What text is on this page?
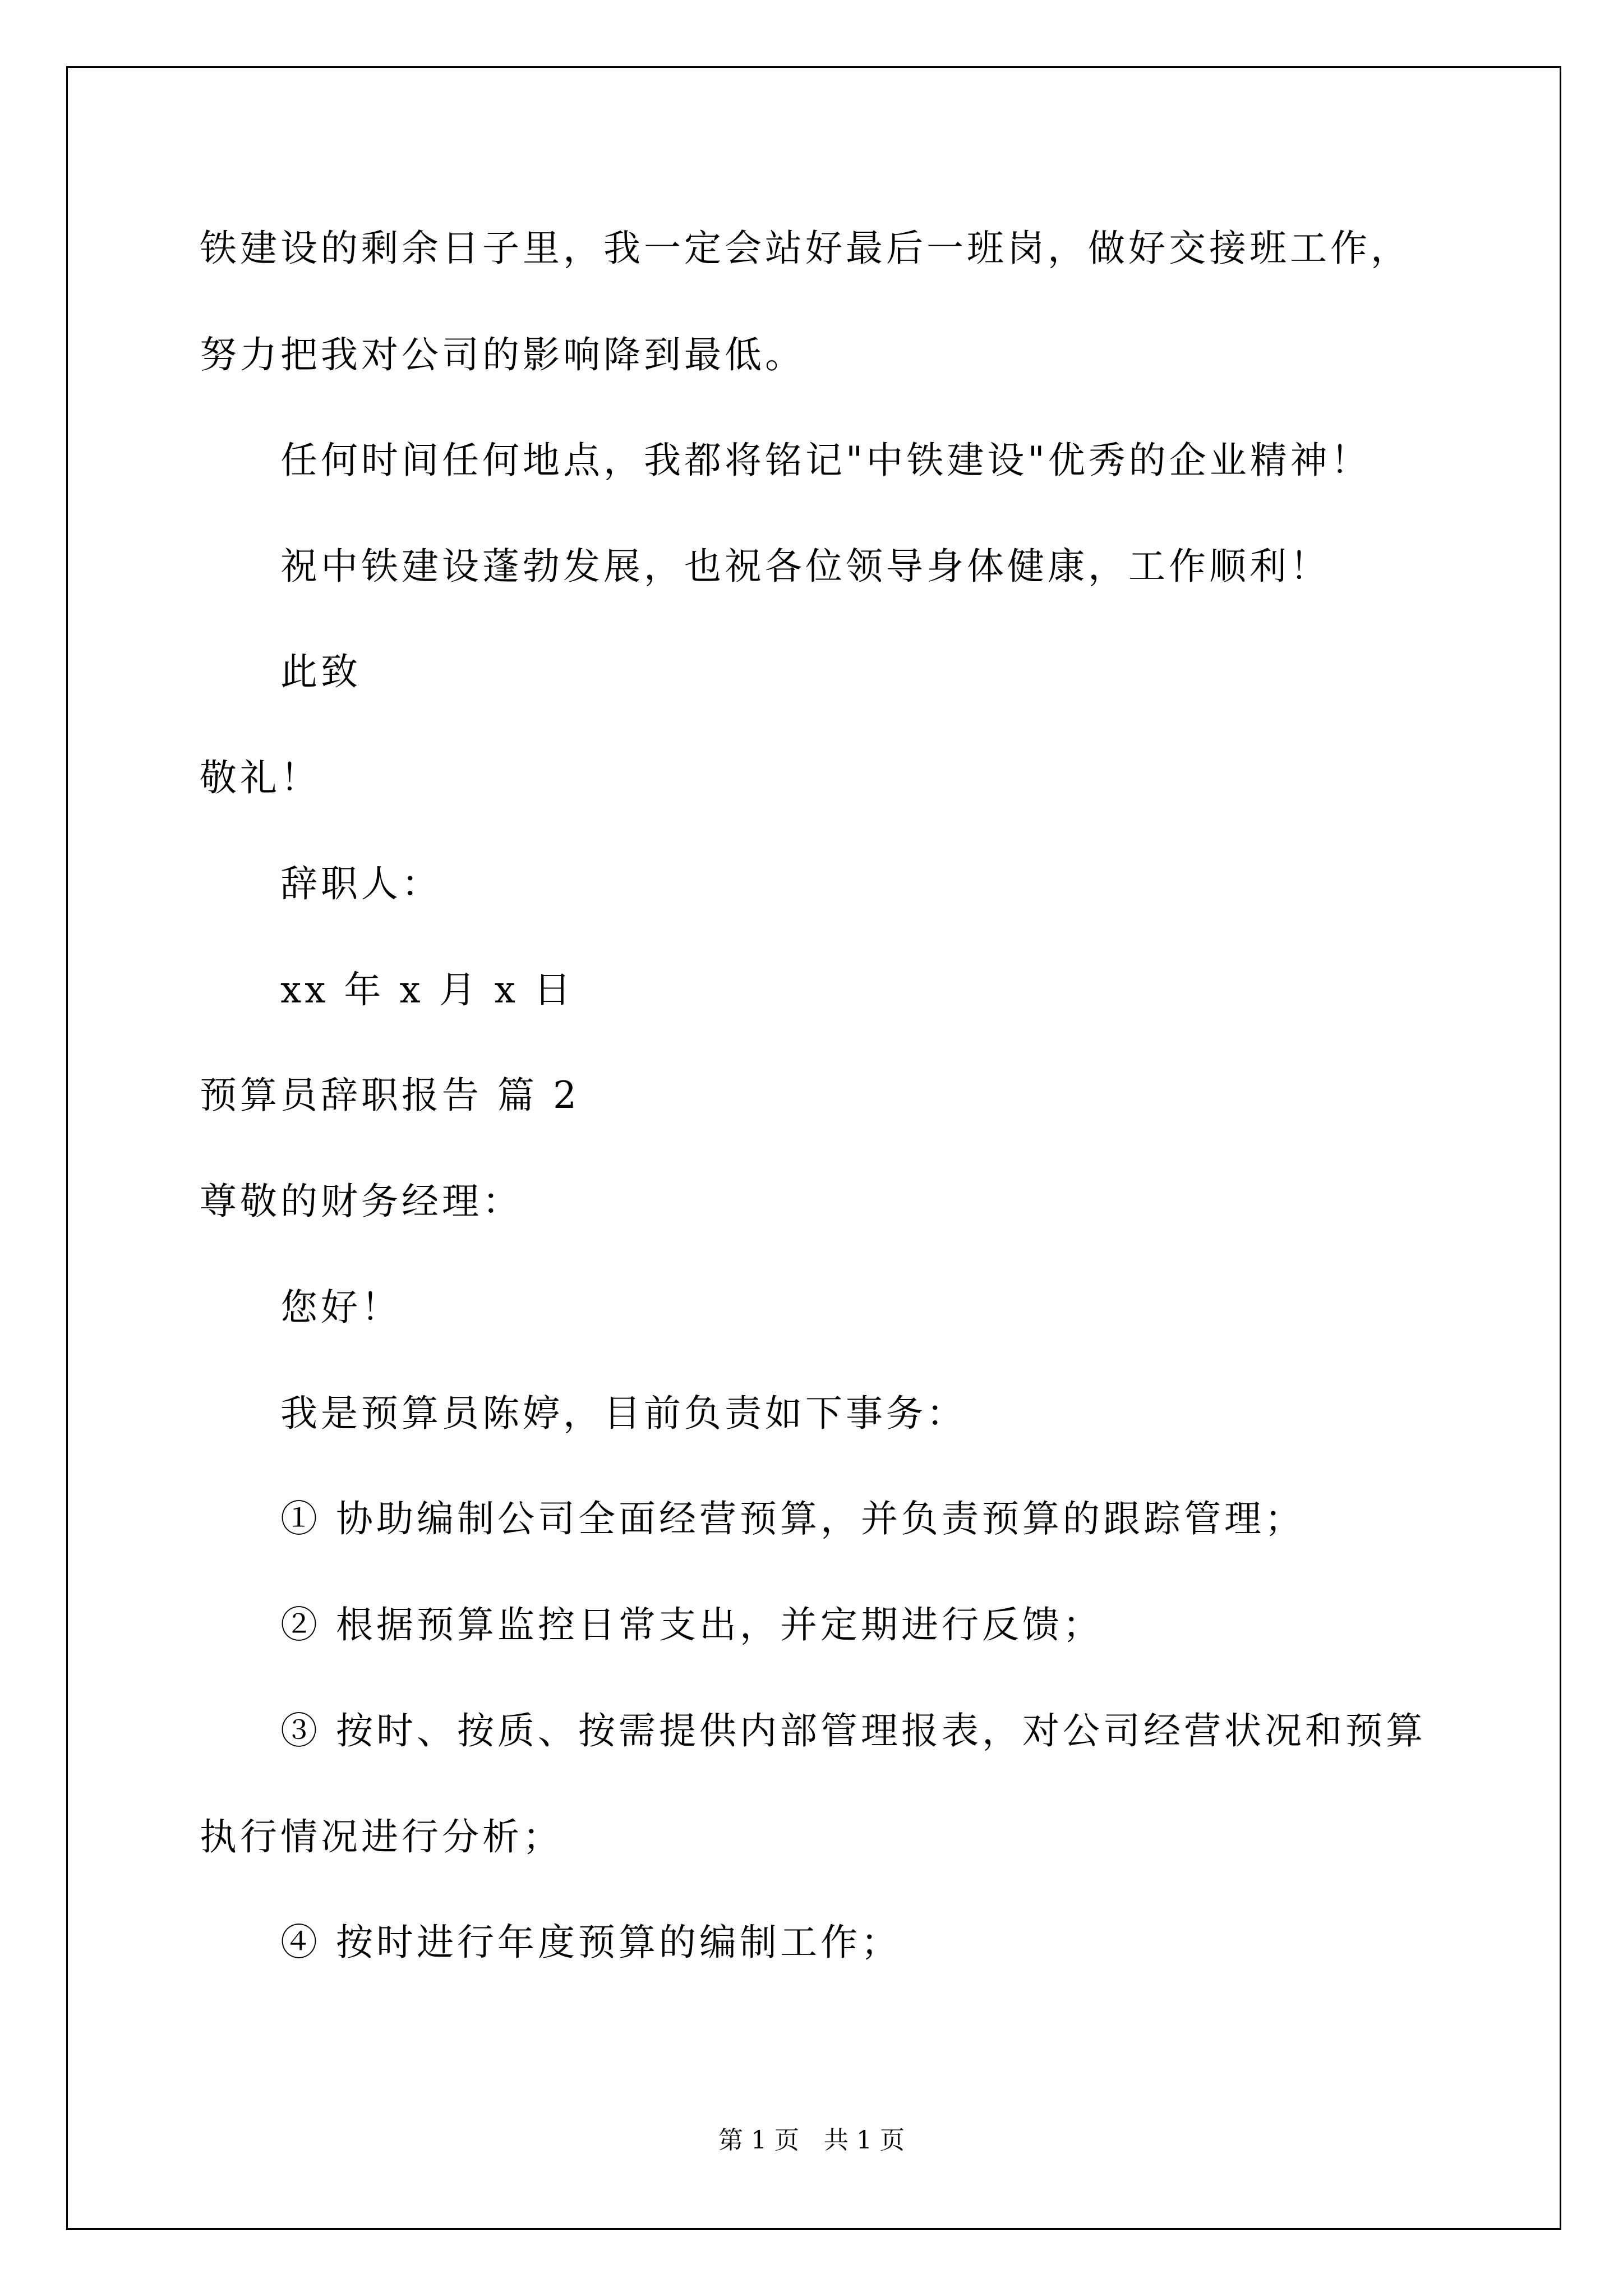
铁建设的剩余日子里，我一定会站好最后一班岗，做好交接班工作，
努力把我对公司的影响降到最低。
任何时间任何地点，我都将铭记"中铁建设"优秀的企业精神！
祝中铁建设蓬勃发展，也祝各位领导身体健康，工作顺利！
此致
敬礼！
辞职人：
xx 年 x 月 x 日
预算员辞职报告 篇 2
尊敬的财务经理：
您好！
我是预算员陈婷，目前负责如下事务：
① 协助编制公司全面经营预算，并负责预算的跟踪管理；
② 根据预算监控日常支出，并定期进行反馈；
③ 按时、按质、按需提供内部管理报表，对公司经营状况和预算
执行情况进行分析；
④ 按时进行年度预算的编制工作；
第 1 页　共 1 页
